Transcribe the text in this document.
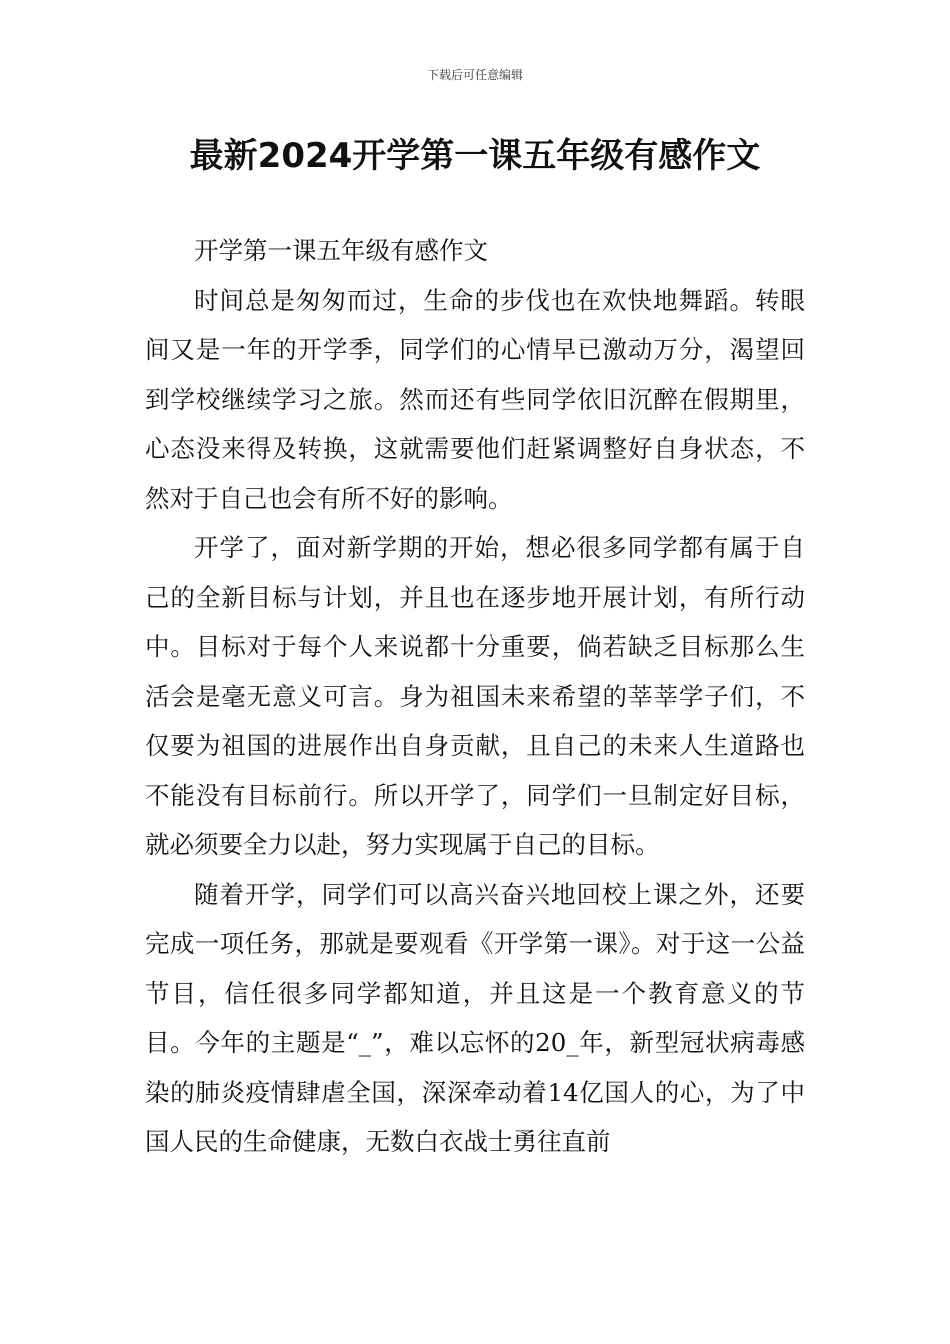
下载后可任意编辑
最新2024开学第一课五年级有感作文

开学第一课五年级有感作文

时间总是匆匆而过，生命的步伐也在欢快地舞蹈。转眼间又是一年的开学季，同学们的心情早已激动万分，渴望回到学校继续学习之旅。然而还有些同学依旧沉醉在假期里，心态没来得及转换，这就需要他们赶紧调整好自身状态，不然对于自己也会有所不好的影响。

开学了，面对新学期的开始，想必很多同学都有属于自己的全新目标与计划，并且也在逐步地开展计划，有所行动中。目标对于每个人来说都十分重要，倘若缺乏目标那么生活会是毫无意义可言。身为祖国未来希望的莘莘学子们，不仅要为祖国的进展作出自身贡献，且自己的未来人生道路也不能没有目标前行。所以开学了，同学们一旦制定好目标，就必须要全力以赴，努力实现属于自己的目标。

随着开学，同学们可以高兴奋兴地回校上课之外，还要完成一项任务，那就是要观看《开学第一课》。对于这一公益节目，信任很多同学都知道，并且这是一个教育意义的节目。今年的主题是“_”，难以忘怀的20_年，新型冠状病毒感染的肺炎疫情肆虐全国，深深牵动着14亿国人的心，为了中国人民的生命健康，无数白衣战士勇往直前
